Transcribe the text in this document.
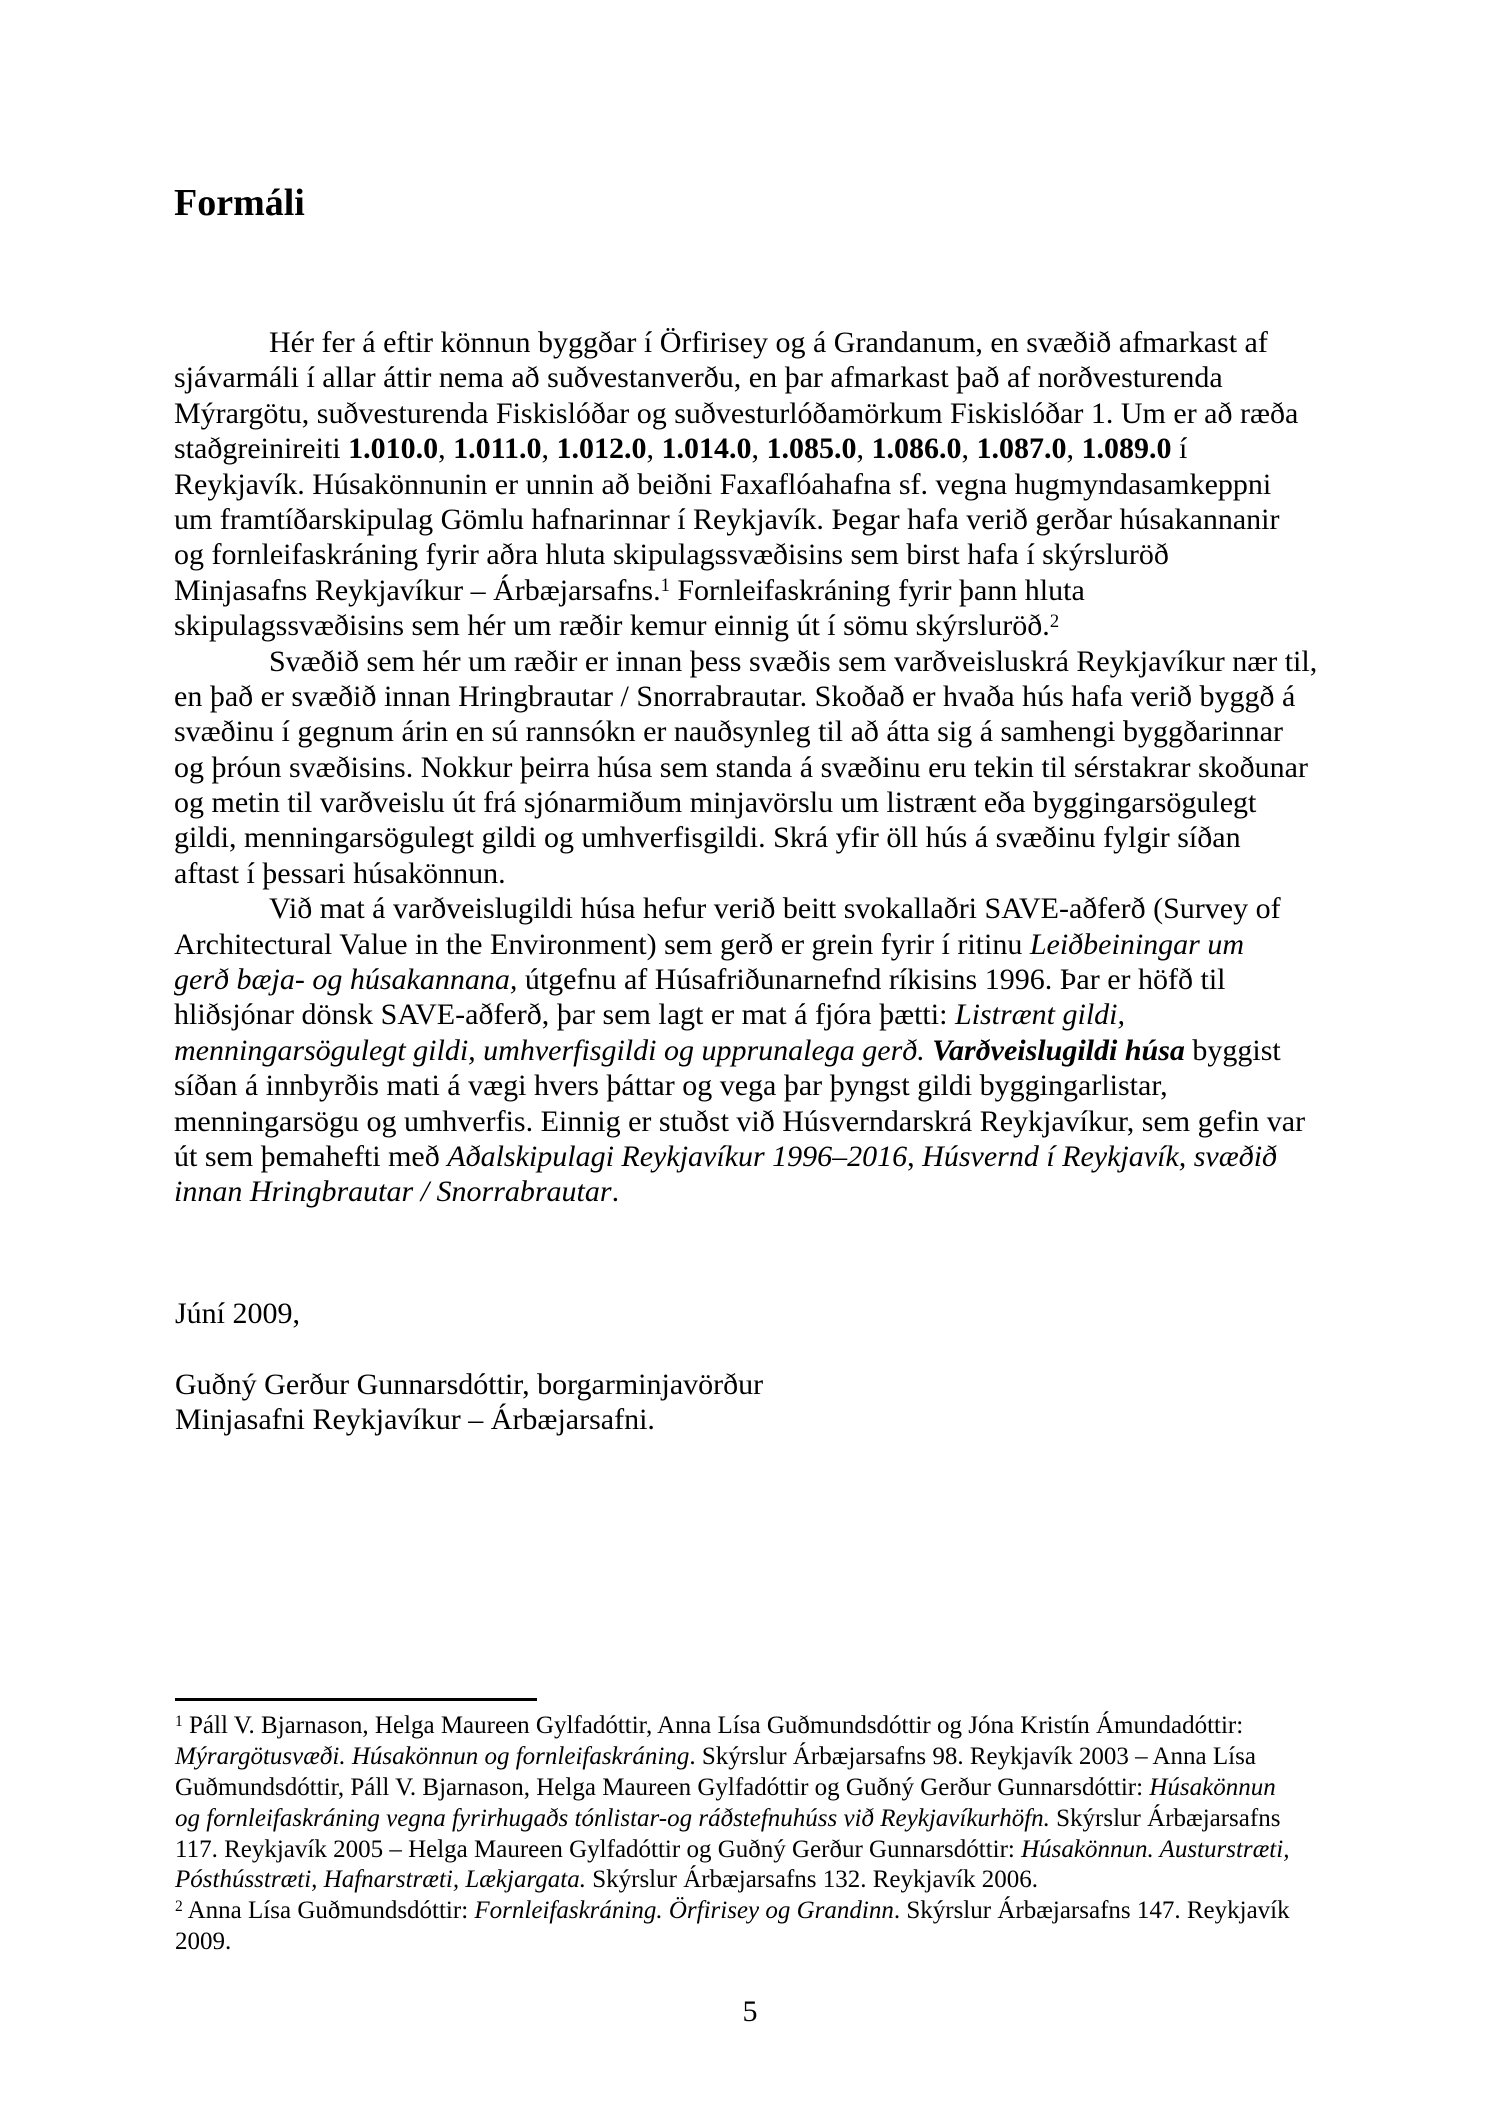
Formáli
Hér fer á eftir könnun byggðar í Örfirisey og á Grandanum, en svæðið afmarkast af
sjávarmáli í allar áttir nema að suðvestanverðu, en þar afmarkast það af norðvesturenda
Mýrargötu, suðvesturenda Fiskislóðar og suðvesturlóðamörkum Fiskislóðar 1. Um er að ræða
staðgreinireiti 1.010.0, 1.011.0, 1.012.0, 1.014.0, 1.085.0, 1.086.0, 1.087.0, 1.089.0 í
Reykjavík. Húsakönnunin er unnin að beiðni Faxaflóahafna sf. vegna hugmyndasamkeppni
um framtíðarskipulag Gömlu hafnarinnar í Reykjavík. Þegar hafa verið gerðar húsakannanir
og fornleifaskráning fyrir aðra hluta skipulagssvæðisins sem birst hafa í skýrsluröð
Minjasafns Reykjavíkur – Árbæjarsafns.$^1$ Fornleifaskráning fyrir þann hluta
skipulagssvæðisins sem hér um ræðir kemur einnig út í sömu skýrsluröð.$^2$
Svæðið sem hér um ræðir er innan þess svæðis sem varðveisluskrá Reykjavíkur nær til,
en það er svæðið innan Hringbrautar / Snorrabrautar. Skoðað er hvaða hús hafa verið byggð á
svæðinu í gegnum árin en sú rannsókn er nauðsynleg til að átta sig á samhengi byggðarinnar
og þróun svæðisins. Nokkur þeirra húsa sem standa á svæðinu eru tekin til sérstakrar skoðunar
og metin til varðveislu út frá sjónarmiðum minjavörslu um listrænt eða byggingarsögulegt
gildi, menningarsögulegt gildi og umhverfisgildi. Skrá yfir öll hús á svæðinu fylgir síðan
aftast í þessari húsakönnun.
Við mat á varðveislugildi húsa hefur verið beitt svokallaðri SAVE-aðferð (Survey of
Architectural Value in the Environment) sem gerð er grein fyrir í ritinu Leiðbeiningar um
gerð bæja- og húsakannana, útgefnu af Húsafriðunarnefnd ríkisins 1996. Þar er höfð til
hliðsjónar dönsk SAVE-aðferð, þar sem lagt er mat á fjóra þætti: Listrænt gildi,
menningarsögulegt gildi, umhverfisgildi og upprunalega gerð. Varðveislugildi húsa byggist
síðan á innbyrðis mati á vægi hvers þáttar og vega þar þyngst gildi byggingarlistar,
menningarsögu og umhverfis. Einnig er stuðst við Húsverndarskrá Reykjavíkur, sem gefin var
út sem þemahefti með Aðalskipulagi Reykjavíkur 1996–2016, Húsvernd í Reykjavík, svæðið
innan Hringbrautar / Snorrabrautar.
Júní 2009,

Guðný Gerður Gunnarsdóttir, borgarminjavörður
Minjasafni Reykjavíkur – Árbæjarsafni.
$^1$ Páll V. Bjarnason, Helga Maureen Gylfadóttir, Anna Lísa Guðmundsdóttir og Jóna Kristín Ámundadóttir:
Mýrargötusvæði. Húsakönnun og fornleifaskráning. Skýrslur Árbæjarsafns 98. Reykjavík 2003 – Anna Lísa
Guðmundsdóttir, Páll V. Bjarnason, Helga Maureen Gylfadóttir og Guðný Gerður Gunnarsdóttir: Húsakönnun
og fornleifaskráning vegna fyrirhugaðs tónlistar-og ráðstefnuhúss við Reykjavíkurhöfn. Skýrslur Árbæjarsafns
117. Reykjavík 2005 – Helga Maureen Gylfadóttir og Guðný Gerður Gunnarsdóttir: Húsakönnun. Austurstræti,
Pósthússtræti, Hafnarstræti, Lækjargata. Skýrslur Árbæjarsafns 132. Reykjavík 2006.
$^2$ Anna Lísa Guðmundsdóttir: Fornleifaskráning. Örfirisey og Grandinn. Skýrslur Árbæjarsafns 147. Reykjavík
2009.
5
